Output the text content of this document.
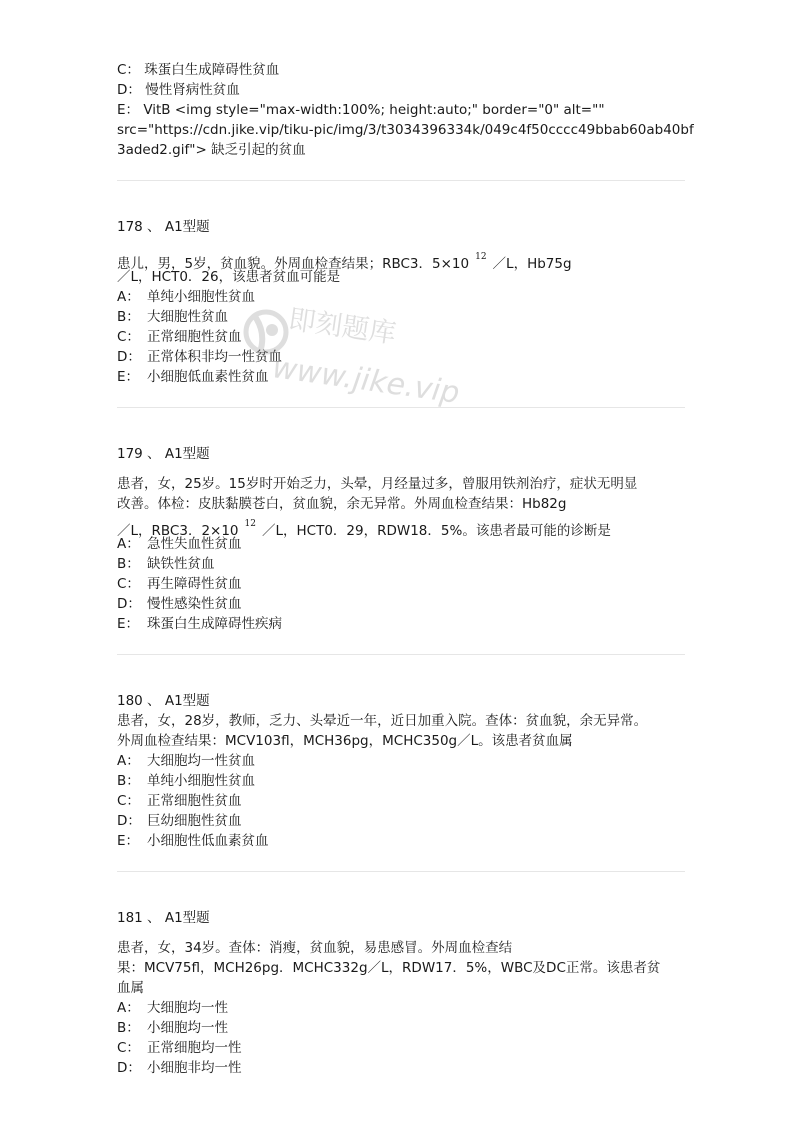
C： 珠蛋白生成障碍性贫血
D： 慢性肾病性贫血
E： VitB <img style="max-width:100%; height:auto;" border="0" alt=""
src="https://cdn.jike.vip/tiku-pic/img/3/t3034396334k/049c4f50cccc49bbab60ab40bf
3aded2.gif"> 缺乏引起的贫血
178 、 A1型题
患儿，男，5岁，贫血貌。外周血检查结果；RBC3．5×10 $^{12}$ ／L，Hb75g
／L，HCT0．26，该患者贫血可能是
A： 单纯小细胞性贫血
B： 大细胞性贫血
C： 正常细胞性贫血
D： 正常体积非均一性贫血
E： 小细胞低血素性贫血
179 、 A1型题
患者，女，25岁。15岁时开始乏力，头晕，月经量过多，曾服用铁剂治疗，症状无明显
改善。体检：皮肤黏膜苍白，贫血貌，余无异常。外周血检查结果：Hb82g
／L，RBC3．2×10 $^{12}$ ／L，HCT0．29，RDW18．5%。该患者最可能的诊断是
A： 急性失血性贫血
B： 缺铁性贫血
C： 再生障碍性贫血
D： 慢性感染性贫血
E： 珠蛋白生成障碍性疾病
180 、 A1型题
患者，女，28岁，教师，乏力、头晕近一年，近日加重入院。查体：贫血貌，余无异常。
外周血检查结果：MCV103fl，MCH36pg，MCHC350g／L。该患者贫血属
A： 大细胞均一性贫血
B： 单纯小细胞性贫血
C： 正常细胞性贫血
D： 巨幼细胞性贫血
E： 小细胞性低血素贫血
181 、 A1型题
患者，女，34岁。查体：消瘦，贫血貌，易患感冒。外周血检查结
果：MCV75fl，MCH26pg．MCHC332g／L，RDW17．5%，WBC及DC正常。该患者贫
血属
A： 大细胞均一性
B： 小细胞均一性
C： 正常细胞均一性
D： 小细胞非均一性
即刻题库
www.jike.vip
